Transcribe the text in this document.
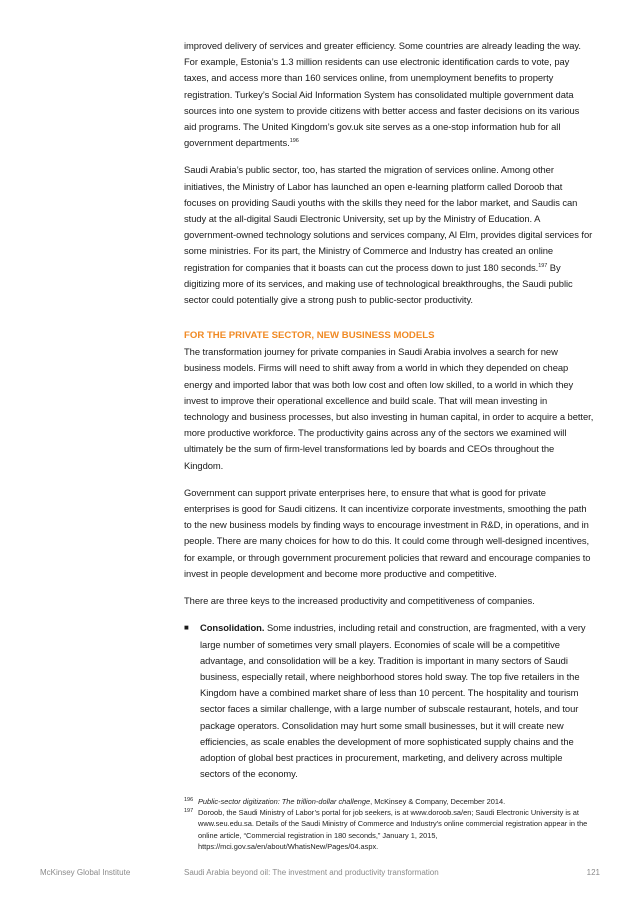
improved delivery of services and greater efficiency. Some countries are already leading the way. For example, Estonia’s 1.3 million residents can use electronic identification cards to vote, pay taxes, and access more than 160 services online, from unemployment benefits to property registration. Turkey’s Social Aid Information System has consolidated multiple government data sources into one system to provide citizens with better access and faster decisions on its various aid programs. The United Kingdom’s gov.uk site serves as a one-stop information hub for all government departments.$^{196}$

Saudi Arabia’s public sector, too, has started the migration of services online. Among other initiatives, the Ministry of Labor has launched an open e-learning platform called Doroob that focuses on providing Saudi youths with the skills they need for the labor market, and Saudis can study at the all-digital Saudi Electronic University, set up by the Ministry of Education. A government-owned technology solutions and services company, Al Elm, provides digital services for some ministries. For its part, the Ministry of Commerce and Industry has created an online registration for companies that it boasts can cut the process down to just 180 seconds.$^{197}$ By digitizing more of its services, and making use of technological breakthroughs, the Saudi public sector could potentially give a strong push to public-sector productivity.

FOR THE PRIVATE SECTOR, NEW BUSINESS MODELS

The transformation journey for private companies in Saudi Arabia involves a search for new business models. Firms will need to shift away from a world in which they depended on cheap energy and imported labor that was both low cost and often low skilled, to a world in which they invest to improve their operational excellence and build scale. That will mean investing in technology and business processes, but also investing in human capital, in order to acquire a better, more productive workforce. The productivity gains across any of the sectors we examined will ultimately be the sum of firm-level transformations led by boards and CEOs throughout the Kingdom.

Government can support private enterprises here, to ensure that what is good for private enterprises is good for Saudi citizens. It can incentivize corporate investments, smoothing the path to the new business models by finding ways to encourage investment in R&D, in operations, and in people. There are many choices for how to do this. It could come through well-designed incentives, for example, or through government procurement policies that reward and encourage companies to invest in people development and become more productive and competitive.

There are three keys to the increased productivity and competitiveness of companies.

■ Consolidation. Some industries, including retail and construction, are fragmented, with a very large number of sometimes very small players. Economies of scale will be a competitive advantage, and consolidation will be a key. Tradition is important in many sectors of Saudi business, especially retail, where neighborhood stores hold sway. The top five retailers in the Kingdom have a combined market share of less than 10 percent. The hospitality and tourism sector faces a similar challenge, with a large number of subscale restaurant, hotels, and tour package operators. Consolidation may hurt some small businesses, but it will create new efficiencies, as scale enables the development of more sophisticated supply chains and the adoption of global best practices in procurement, marketing, and delivery across multiple sectors of the economy.

196 Public-sector digitization: The trillion-dollar challenge, McKinsey & Company, December 2014.
197 Doroob, the Saudi Ministry of Labor’s portal for job seekers, is at www.doroob.sa/en; Saudi Electronic University is at www.seu.edu.sa. Details of the Saudi Ministry of Commerce and Industry’s online commercial registration appear in the online article, “Commercial registration in 180 seconds,” January 1, 2015, https://mci.gov.sa/en/about/WhatisNew/Pages/04.aspx.
McKinsey Global Institute	Saudi Arabia beyond oil: The investment and productivity transformation	121
